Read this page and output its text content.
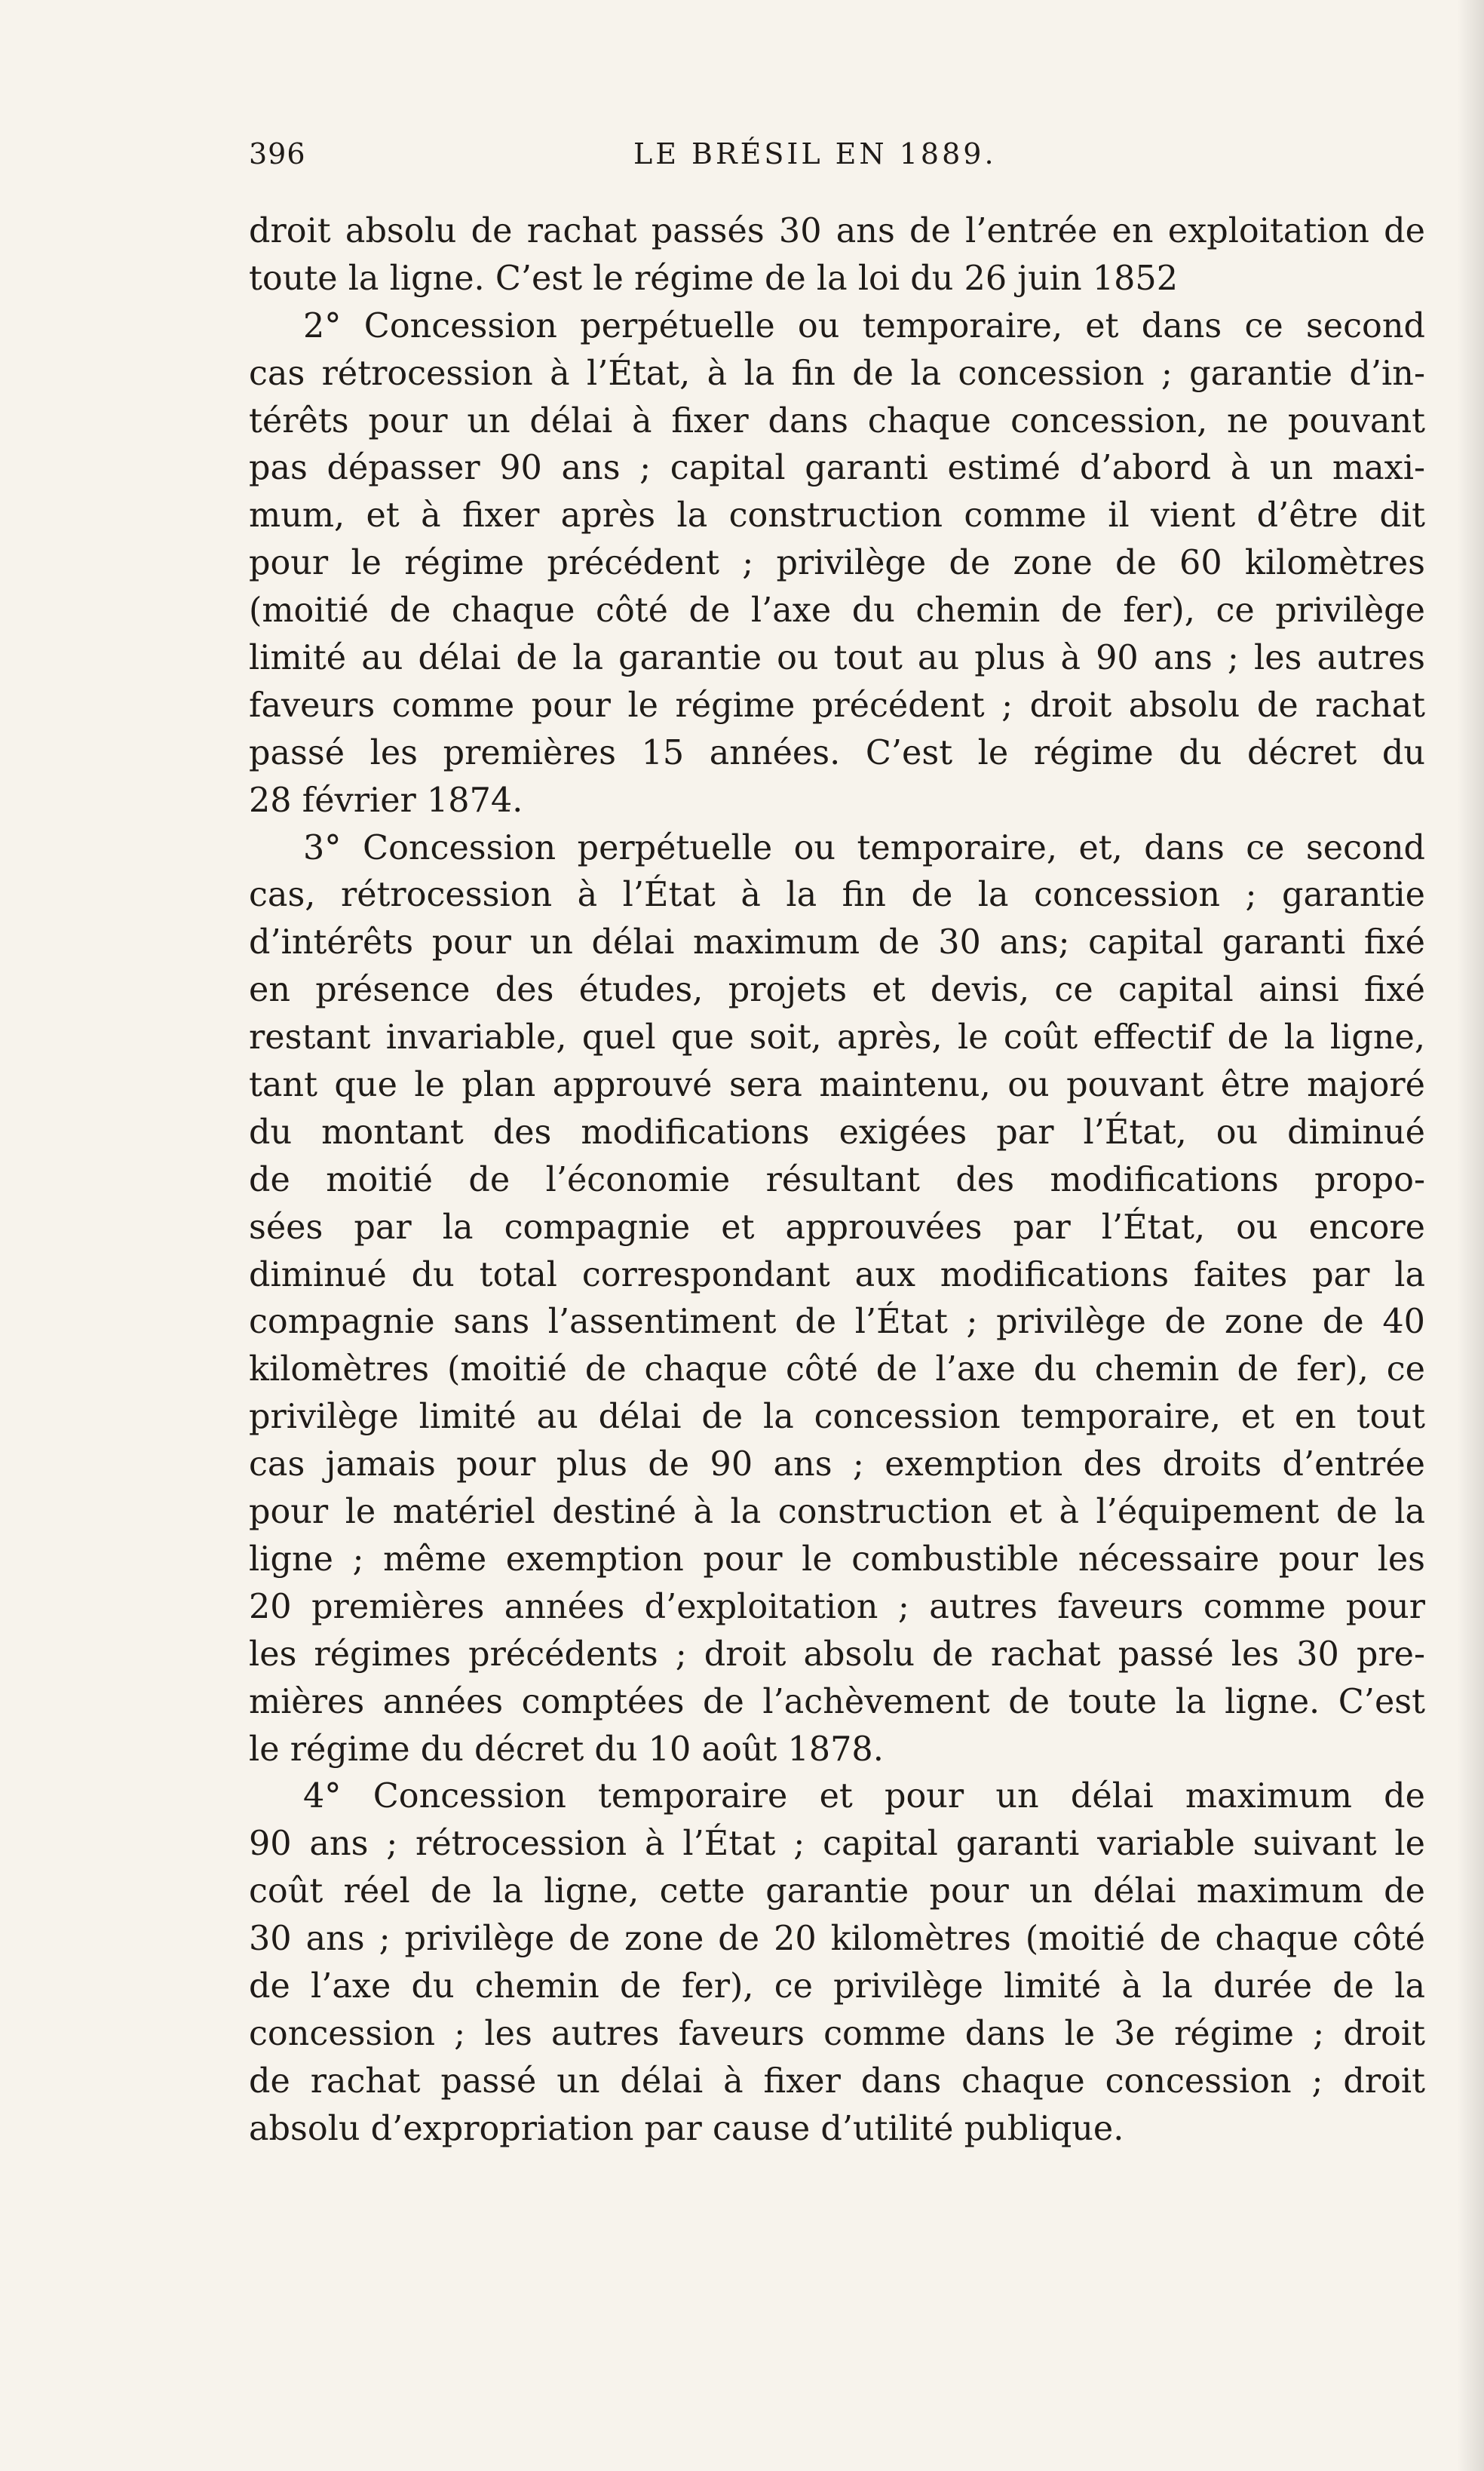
396	LE BRÉSIL EN 1889.
droit absolu de rachat passés 30 ans de l’entrée en exploitation de
toute la ligne. C’est le régime de la loi du 26 juin 1852
2° Concession perpétuelle ou temporaire, et dans ce second
cas rétrocession à l’État, à la fin de la concession ; garantie d’in-
térêts pour un délai à fixer dans chaque concession, ne pouvant
pas dépasser 90 ans ; capital garanti estimé d’abord à un maxi-
mum, et à fixer après la construction comme il vient d’être dit
pour le régime précédent ; privilège de zone de 60 kilomètres
(moitié de chaque côté de l’axe du chemin de fer), ce privilège
limité au délai de la garantie ou tout au plus à 90 ans ; les autres
faveurs comme pour le régime précédent ; droit absolu de rachat
passé les premières 15 années. C’est le régime du décret du
28 février 1874.
3° Concession perpétuelle ou temporaire, et, dans ce second
cas, rétrocession à l’État à la fin de la concession ; garantie
d’intérêts pour un délai maximum de 30 ans; capital garanti fixé
en présence des études, projets et devis, ce capital ainsi fixé
restant invariable, quel que soit, après, le coût effectif de la ligne,
tant que le plan approuvé sera maintenu, ou pouvant être majoré
du montant des modifications exigées par l’État, ou diminué
de moitié de l’économie résultant des modifications propo-
sées par la compagnie et approuvées par l’État, ou encore
diminué du total correspondant aux modifications faites par la
compagnie sans l’assentiment de l’État ; privilège de zone de 40
kilomètres (moitié de chaque côté de l’axe du chemin de fer), ce
privilège limité au délai de la concession temporaire, et en tout
cas jamais pour plus de 90 ans ; exemption des droits d’entrée
pour le matériel destiné à la construction et à l’équipement de la
ligne ; même exemption pour le combustible nécessaire pour les
20 premières années d’exploitation ; autres faveurs comme pour
les régimes précédents ; droit absolu de rachat passé les 30 pre-
mières années comptées de l’achèvement de toute la ligne. C’est
le régime du décret du 10 août 1878.
4° Concession temporaire et pour un délai maximum de
90 ans ; rétrocession à l’État ; capital garanti variable suivant le
coût réel de la ligne, cette garantie pour un délai maximum de
30 ans ; privilège de zone de 20 kilomètres (moitié de chaque côté
de l’axe du chemin de fer), ce privilège limité à la durée de la
concession ; les autres faveurs comme dans le 3e régime ; droit
de rachat passé un délai à fixer dans chaque concession ; droit
absolu d’expropriation par cause d’utilité publique.
